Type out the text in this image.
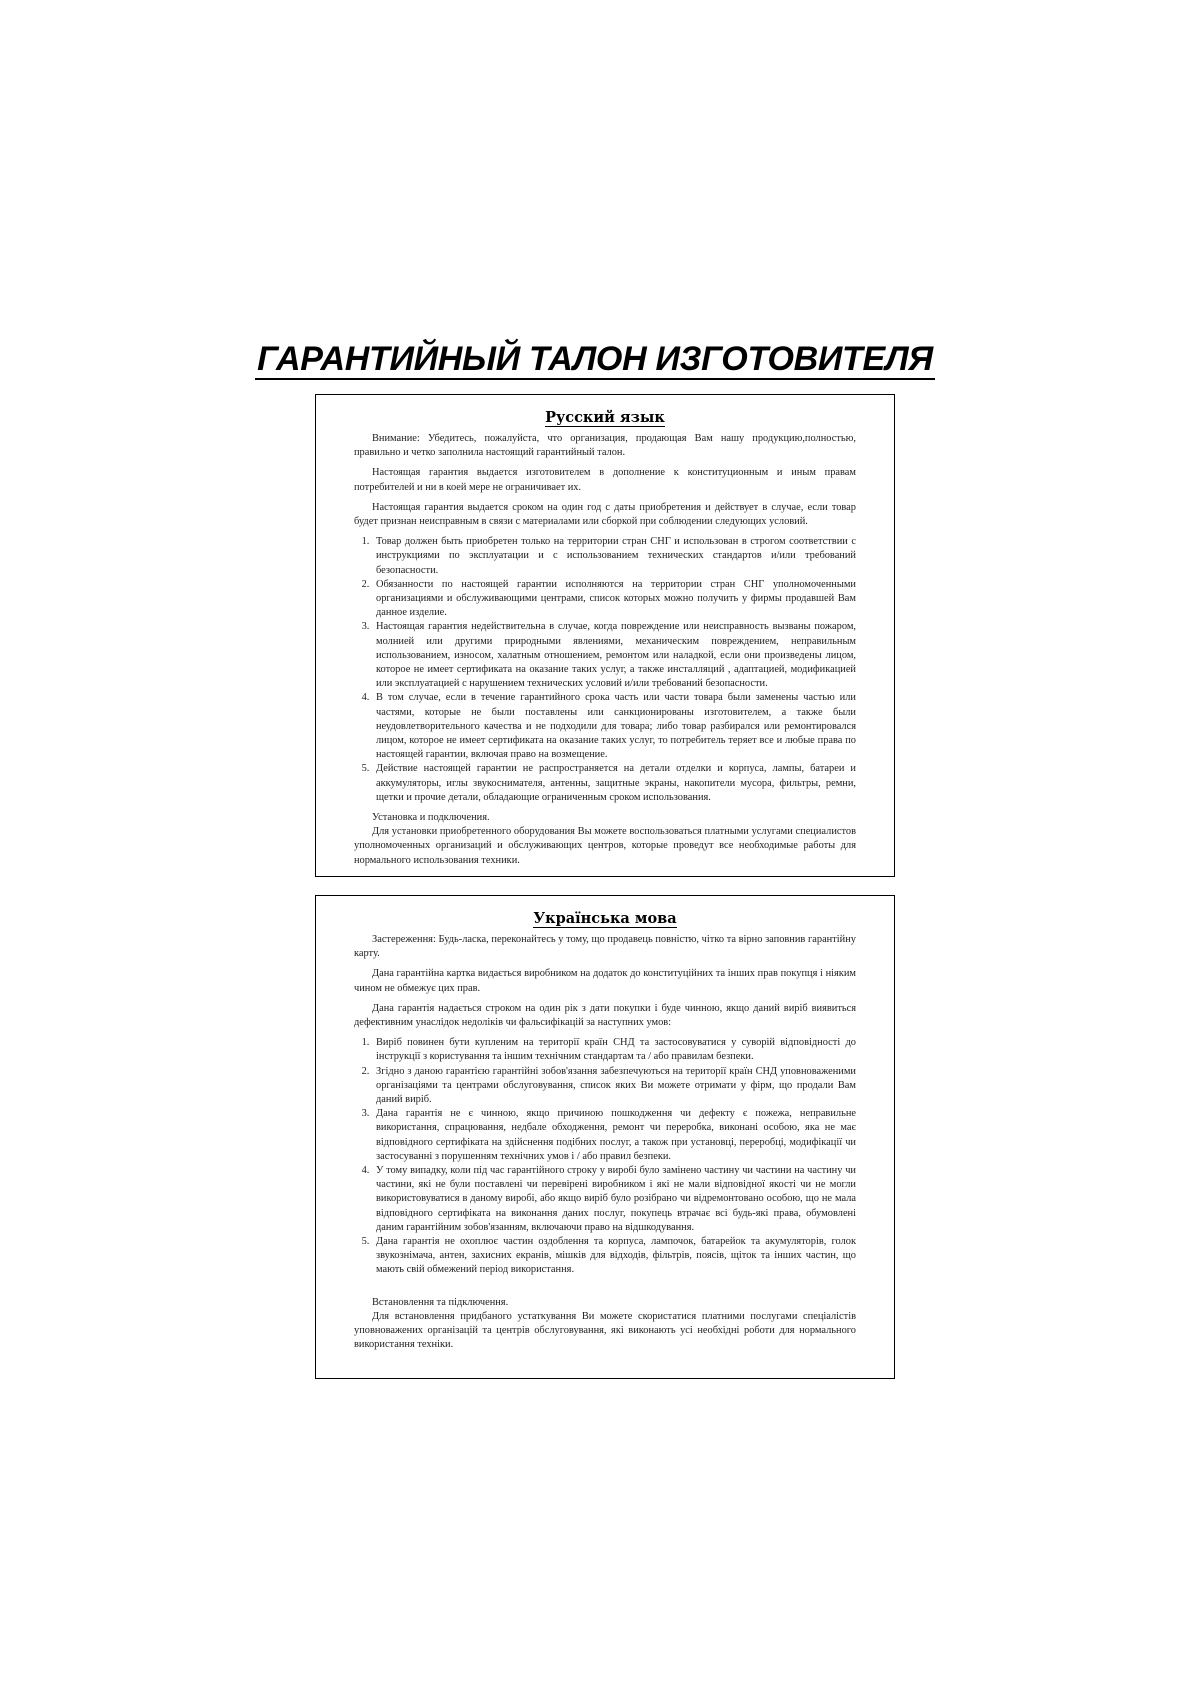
ГАРАНТИЙНЫЙ ТАЛОН ИЗГОТОВИТЕЛЯ
Русский язык

Внимание: Убедитесь, пожалуйста, что организация, продающая Вам нашу продукцию,полностью, правильно и четко заполнила настоящий гарантийный талон.

Настоящая гарантия выдается изготовителем в дополнение к конституционным и иным правам потребителей и ни в коей мере не ограничивает их.

Настоящая гарантия выдается сроком на один год с даты приобретения и действует в случае, если товар будет признан неисправным в связи с материалами или сборкой при соблюдении следующих условий.

1. Товар должен быть приобретен только на территории стран СНГ и использован в строгом соответствии с инструкциями по эксплуатации и с использованием технических стандартов и/или требований безопасности.
2. Обязанности по настоящей гарантии исполняются на территории стран СНГ уполномоченными организациями и обслуживающими центрами, список которых можно получить у фирмы продавшей Вам данное изделие.
3. Настоящая гарантия недействительна в случае, когда повреждение или неисправность вызваны пожаром, молнией или другими природными явлениями, механическим повреждением, неправильным использованием, износом, халатным отношением, ремонтом или наладкой, если они произведены лицом, которое не имеет сертификата на оказание таких услуг, а также инсталляций , адаптацией, модификацией или эксплуатацией с нарушением технических условий и/или требований безопасности.
4. В том случае, если в течение гарантийного срока часть или части товара были заменены частью или частями, которые не были поставлены или санкционированы изготовителем, а также были неудовлетворительного качества и не подходили для товара; либо товар разбирался или ремонтировался лицом, которое не имеет сертификата на оказание таких услуг, то потребитель теряет все и любые права по настоящей гарантии, включая право на возмещение.
5. Действие настоящей гарантии не распространяется на детали отделки и корпуса, лампы, батареи и аккумуляторы, иглы звукоснимателя, антенны, защитные экраны, накопители мусора, фильтры, ремни, щетки и прочие детали, обладающие ограниченным сроком использования.
Установка и подключения.
Для установки приобретенного оборудования Вы можете воспользоваться платными услугами специалистов уполномоченных организаций и обслуживающих центров, которые проведут все необходимые работы для нормального использования техники.
Українська мова

Застереження: Будь-ласка, переконайтесь у тому, що продавець повністю, чітко та вірно заповнив гарантійну карту.

Дана гарантійна картка видається виробником на додаток до конституційних та інших прав покупця і ніяким чином не обмежує цих прав.

Дана гарантія надається строком на один рік з дати покупки і буде чинною, якщо даний виріб виявиться дефективним унаслідок недоліків чи фальсифікацій за наступних умов:

1. Виріб повинен бути купленим на території країн СНД та застосовуватися у суворій відповідності до інструкції з користування та іншим технічним стандартам та / або правилам безпеки.
2. Згідно з даною гарантією гарантійні зобов'язання забезпечуються на території країн СНД уповноваженими організаціями та центрами обслуговування, список яких Ви можете отримати у фірм, що продали Вам даний виріб.
3. Дана гарантія не є чинною, якщо причиною пошкодження чи дефекту є пожежа, неправильне використання, спрацювання, недбале обходження, ремонт чи переробка, виконані особою, яка не має відповідного сертифіката на здійснення подібних послуг, а також при установці, переробці, модифікації чи застосуванні з порушенням технічних умов і / або правил безпеки.
4. У тому випадку, коли під час гарантійного строку у виробі було замінено частину чи частини на частину чи частини, які не були поставлені чи перевірені виробником і які не мали відповідної якості чи не могли використовуватися в даному виробі, або якщо виріб було розібрано чи відремонтовано особою, що не мала відповідного сертифіката на виконання даних послуг, покупець втрачає всі будь-які права, обумовлені даним гарантійним зобов'язанням, включаючи право на відшкодування.
5. Дана гарантія не охоплює частин оздоблення та корпуса, лампочок, батарейок та акумуляторів, голок звукознімача, антен, захисних екранів, мішків для відходів, фільтрів, поясів, щіток та інших частин, що мають свій обмежений період використання.
Встановлення та підключення.
Для встановлення придбаного устаткування Ви можете скористатися платними послугами спеціалістів уповноважених організацій та центрів обслуговування, які виконають усі необхідні роботи для нормального використання техніки.
